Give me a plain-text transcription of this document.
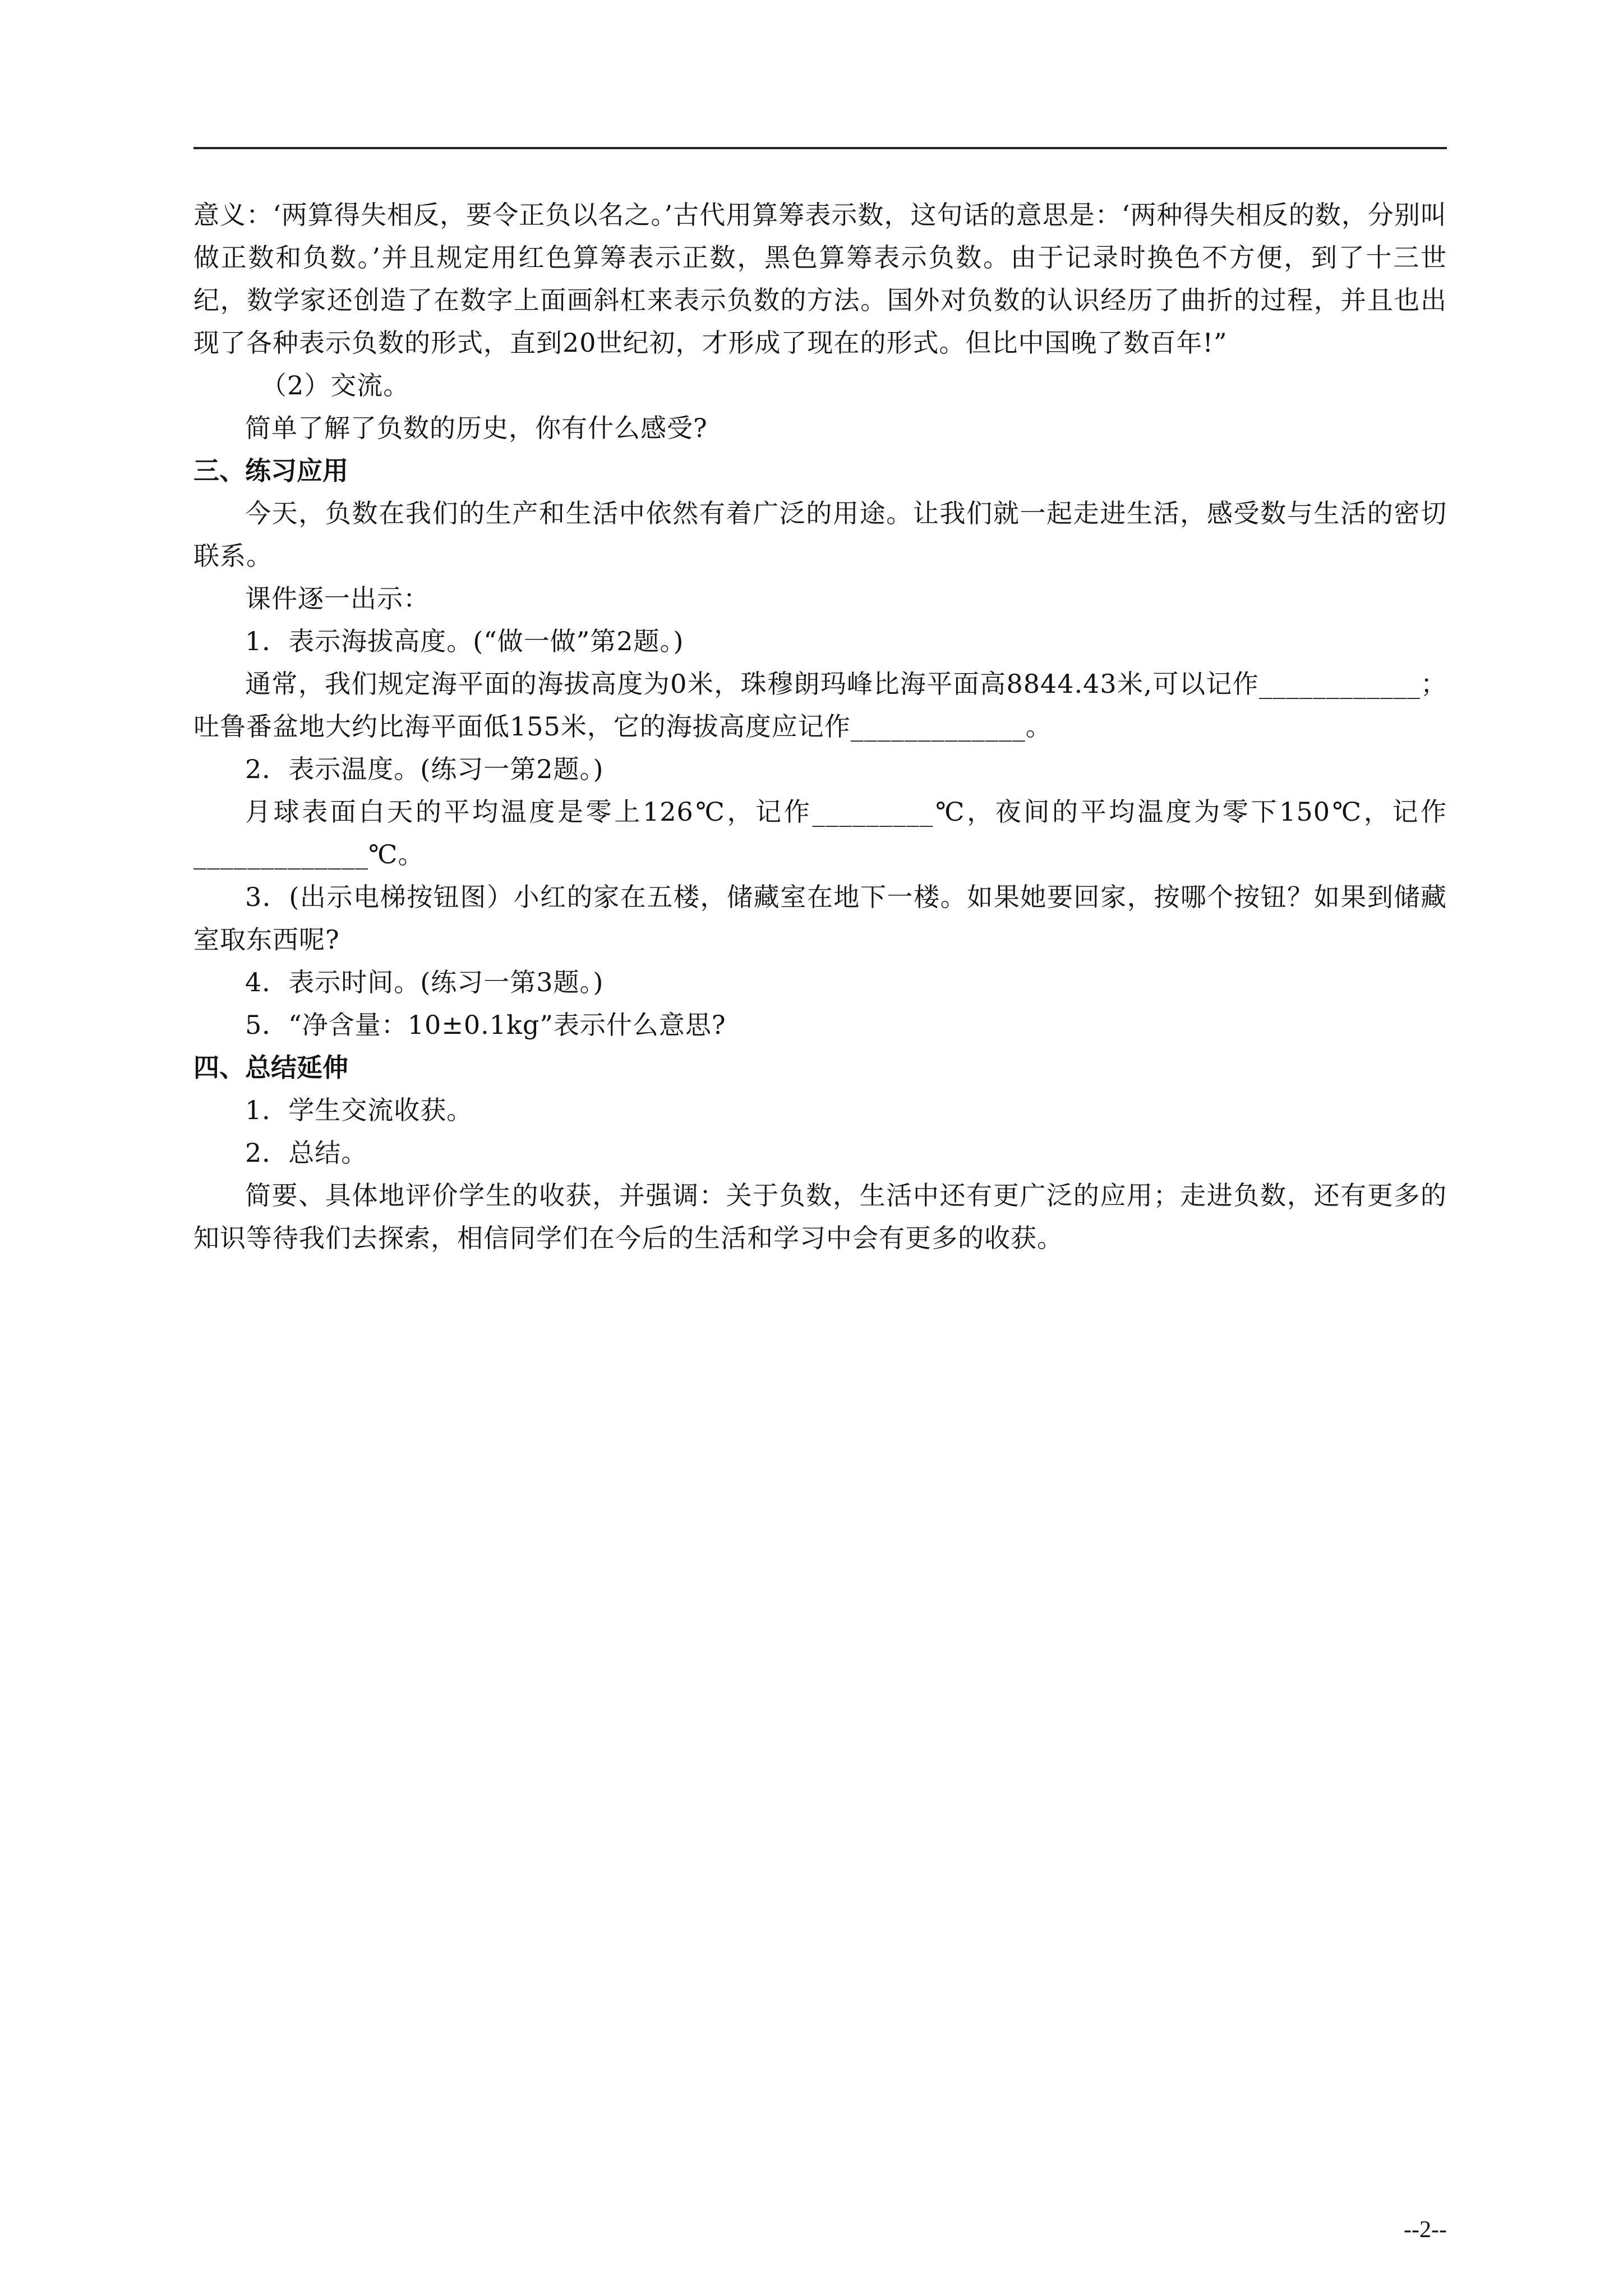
意义：‘两算得失相反，要令正负以名之。’古代用算筹表示数，这句话的意思是：‘两种得失相反的数，分别叫做正数和负数。’并且规定用红色算筹表示正数，黑色算筹表示负数。由于记录时换色不方便，到了十三世纪，数学家还创造了在数字上面画斜杠来表示负数的方法。国外对负数的认识经历了曲折的过程，并且也出现了各种表示负数的形式，直到20世纪初，才形成了现在的形式。但比中国晚了数百年!”

（2）交流。

简单了解了负数的历史，你有什么感受?

三、练习应用

今天，负数在我们的生产和生活中依然有着广泛的用途。让我们就一起走进生活，感受数与生活的密切联系。

课件逐一出示：

1．表示海拔高度。(“做一做”第2题。)

通常，我们规定海平面的海拔高度为0米，珠穆朗玛峰比海平面高8844.43米,可以记作____________；吐鲁番盆地大约比海平面低155米，它的海拔高度应记作_____________。

2．表示温度。(练习一第2题。)

月球表面白天的平均温度是零上126℃，记作_________℃，夜间的平均温度为零下150℃，记作_____________℃。

3．(出示电梯按钮图）小红的家在五楼，储藏室在地下一楼。如果她要回家，按哪个按钮？如果到储藏室取东西呢?

4．表示时间。(练习一第3题。)

5．“净含量：10±0.1kg”表示什么意思?

四、总结延伸

1．学生交流收获。

2．总结。

简要、具体地评价学生的收获，并强调：关于负数，生活中还有更广泛的应用；走进负数，还有更多的知识等待我们去探索，相信同学们在今后的生活和学习中会有更多的收获。

--2--
